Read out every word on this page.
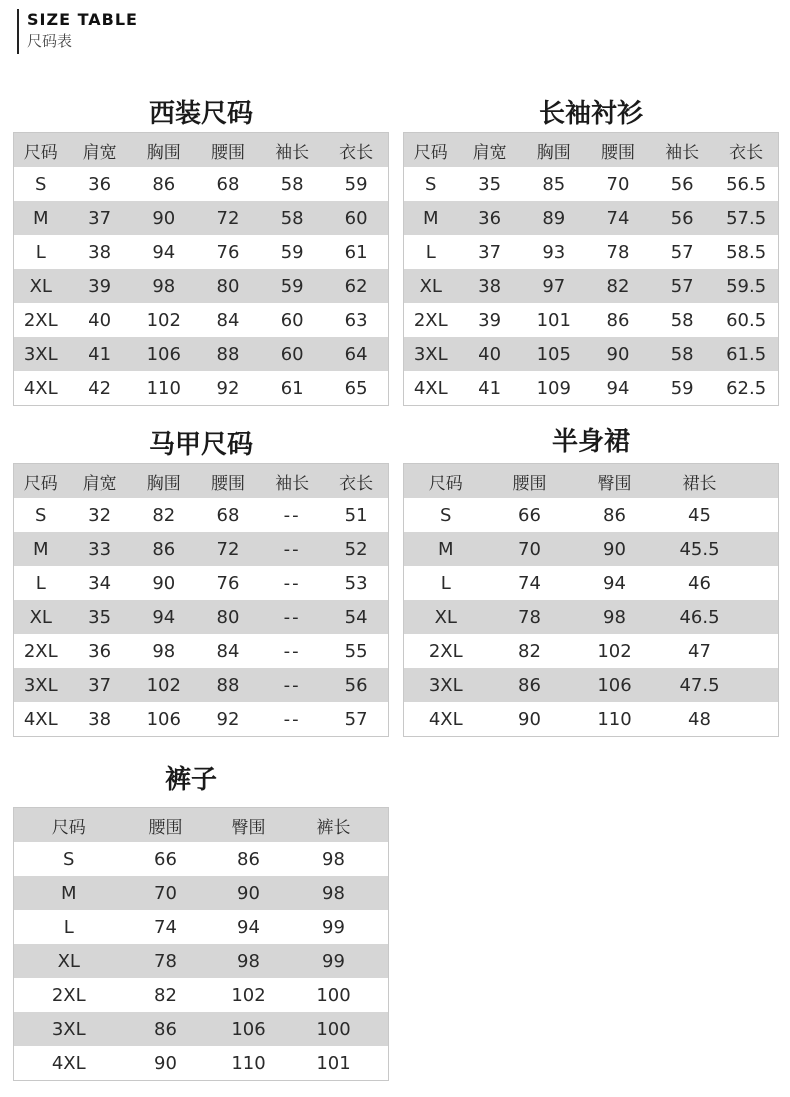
SIZE TABLE
尺码表
西装尺码
尺码	肩宽	胸围	腰围	袖长	衣长
S	36	86	68	58	59
M	37	90	72	58	60
L	38	94	76	59	61
XL	39	98	80	59	62
2XL	40	102	84	60	63
3XL	41	106	88	60	64
4XL	42	110	92	61	65
长袖衬衫
尺码	肩宽	胸围	腰围	袖长	衣长
S	35	85	70	56	56.5
M	36	89	74	56	57.5
L	37	93	78	57	58.5
XL	38	97	82	57	59.5
2XL	39	101	86	58	60.5
3XL	40	105	90	58	61.5
4XL	41	109	94	59	62.5
马甲尺码
尺码	肩宽	胸围	腰围	袖长	衣长
S	32	82	68	--	51
M	33	86	72	--	52
L	34	90	76	--	53
XL	35	94	80	--	54
2XL	36	98	84	--	55
3XL	37	102	88	--	56
4XL	38	106	92	--	57
半身裙
尺码	腰围	臀围	裙长	
S	66	86	45	
M	70	90	45.5	
L	74	94	46	
XL	78	98	46.5	
2XL	82	102	47	
3XL	86	106	47.5	
4XL	90	110	48	
裤子
尺码	腰围	臀围	裤长	
S	66	86	98	
M	70	90	98	
L	74	94	99	
XL	78	98	99	
2XL	82	102	100	
3XL	86	106	100	
4XL	90	110	101	
